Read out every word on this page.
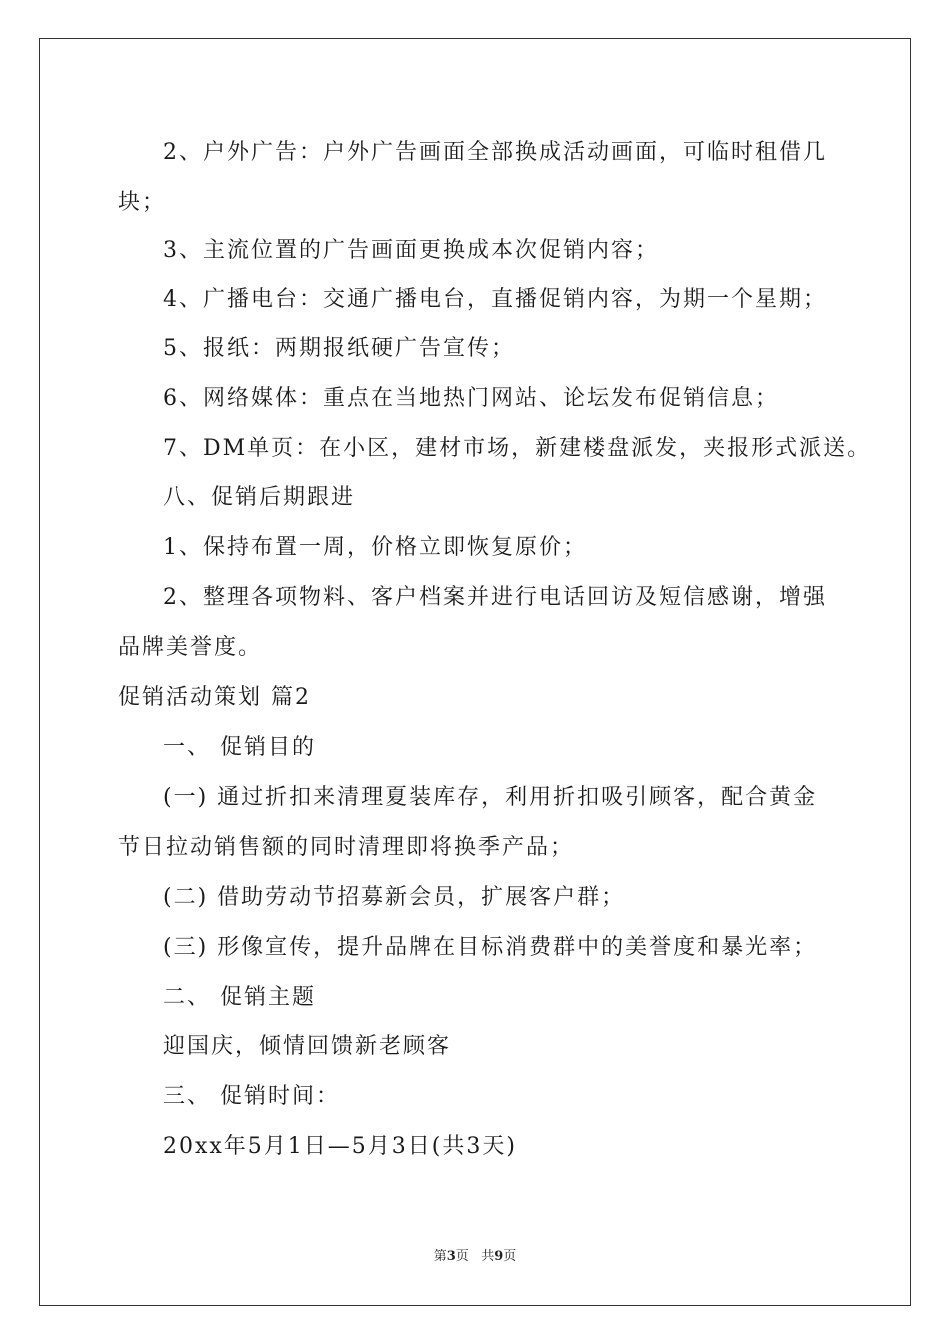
2、户外广告：户外广告画面全部换成活动画面，可临时租借几
块；
3、主流位置的广告画面更换成本次促销内容；
4、广播电台：交通广播电台，直播促销内容，为期一个星期；
5、报纸：两期报纸硬广告宣传；
6、网络媒体：重点在当地热门网站、论坛发布促销信息；
7、DM单页：在小区，建材市场，新建楼盘派发，夹报形式派送。
八、促销后期跟进
1、保持布置一周，价格立即恢复原价；
2、整理各项物料、客户档案并进行电话回访及短信感谢，增强
品牌美誉度。
促销活动策划 篇2
一、 促销目的
(一) 通过折扣来清理夏装库存，利用折扣吸引顾客，配合黄金
节日拉动销售额的同时清理即将换季产品；
(二) 借助劳动节招募新会员，扩展客户群；
(三) 形像宣传，提升品牌在目标消费群中的美誉度和暴光率；
二、 促销主题
迎国庆，倾情回馈新老顾客
三、 促销时间：
20xx年5月1日—5月3日(共3天)
第3页   共9页
